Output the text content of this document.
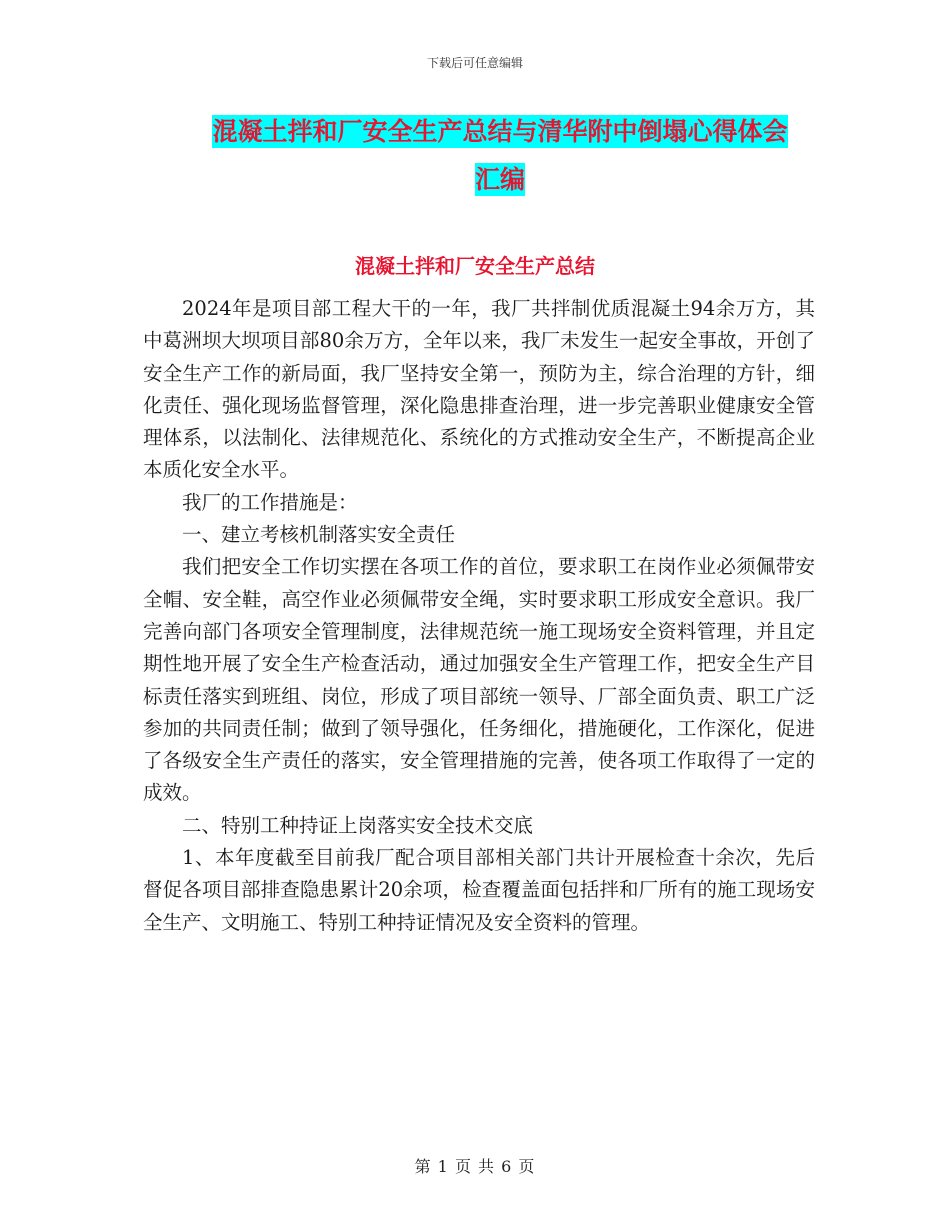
下载后可任意编辑
混凝土拌和厂安全生产总结与清华附中倒塌心得体会
汇编
混凝土拌和厂安全生产总结

2024年是项目部工程大干的一年，我厂共拌制优质混凝土94余万方，其中葛洲坝大坝项目部80余万方，全年以来，我厂未发生一起安全事故，开创了安全生产工作的新局面，我厂坚持安全第一，预防为主，综合治理的方针，细化责任、强化现场监督管理，深化隐患排查治理，进一步完善职业健康安全管理体系，以法制化、法律规范化、系统化的方式推动安全生产，不断提高企业本质化安全水平。

我厂的工作措施是：

一、建立考核机制落实安全责任

我们把安全工作切实摆在各项工作的首位，要求职工在岗作业必须佩带安全帽、安全鞋，高空作业必须佩带安全绳，实时要求职工形成安全意识。我厂完善向部门各项安全管理制度，法律规范统一施工现场安全资料管理，并且定期性地开展了安全生产检查活动，通过加强安全生产管理工作，把安全生产目标责任落实到班组、岗位，形成了项目部统一领导、厂部全面负责、职工广泛参加的共同责任制；做到了领导强化，任务细化，措施硬化，工作深化，促进了各级安全生产责任的落实，安全管理措施的完善，使各项工作取得了一定的成效。

二、特别工种持证上岗落实安全技术交底

1、本年度截至目前我厂配合项目部相关部门共计开展检查十余次，先后督促各项目部排查隐患累计20余项，检查覆盖面包括拌和厂所有的施工现场安全生产、文明施工、特别工种持证情况及安全资料的管理。

第 1 页 共 6 页
